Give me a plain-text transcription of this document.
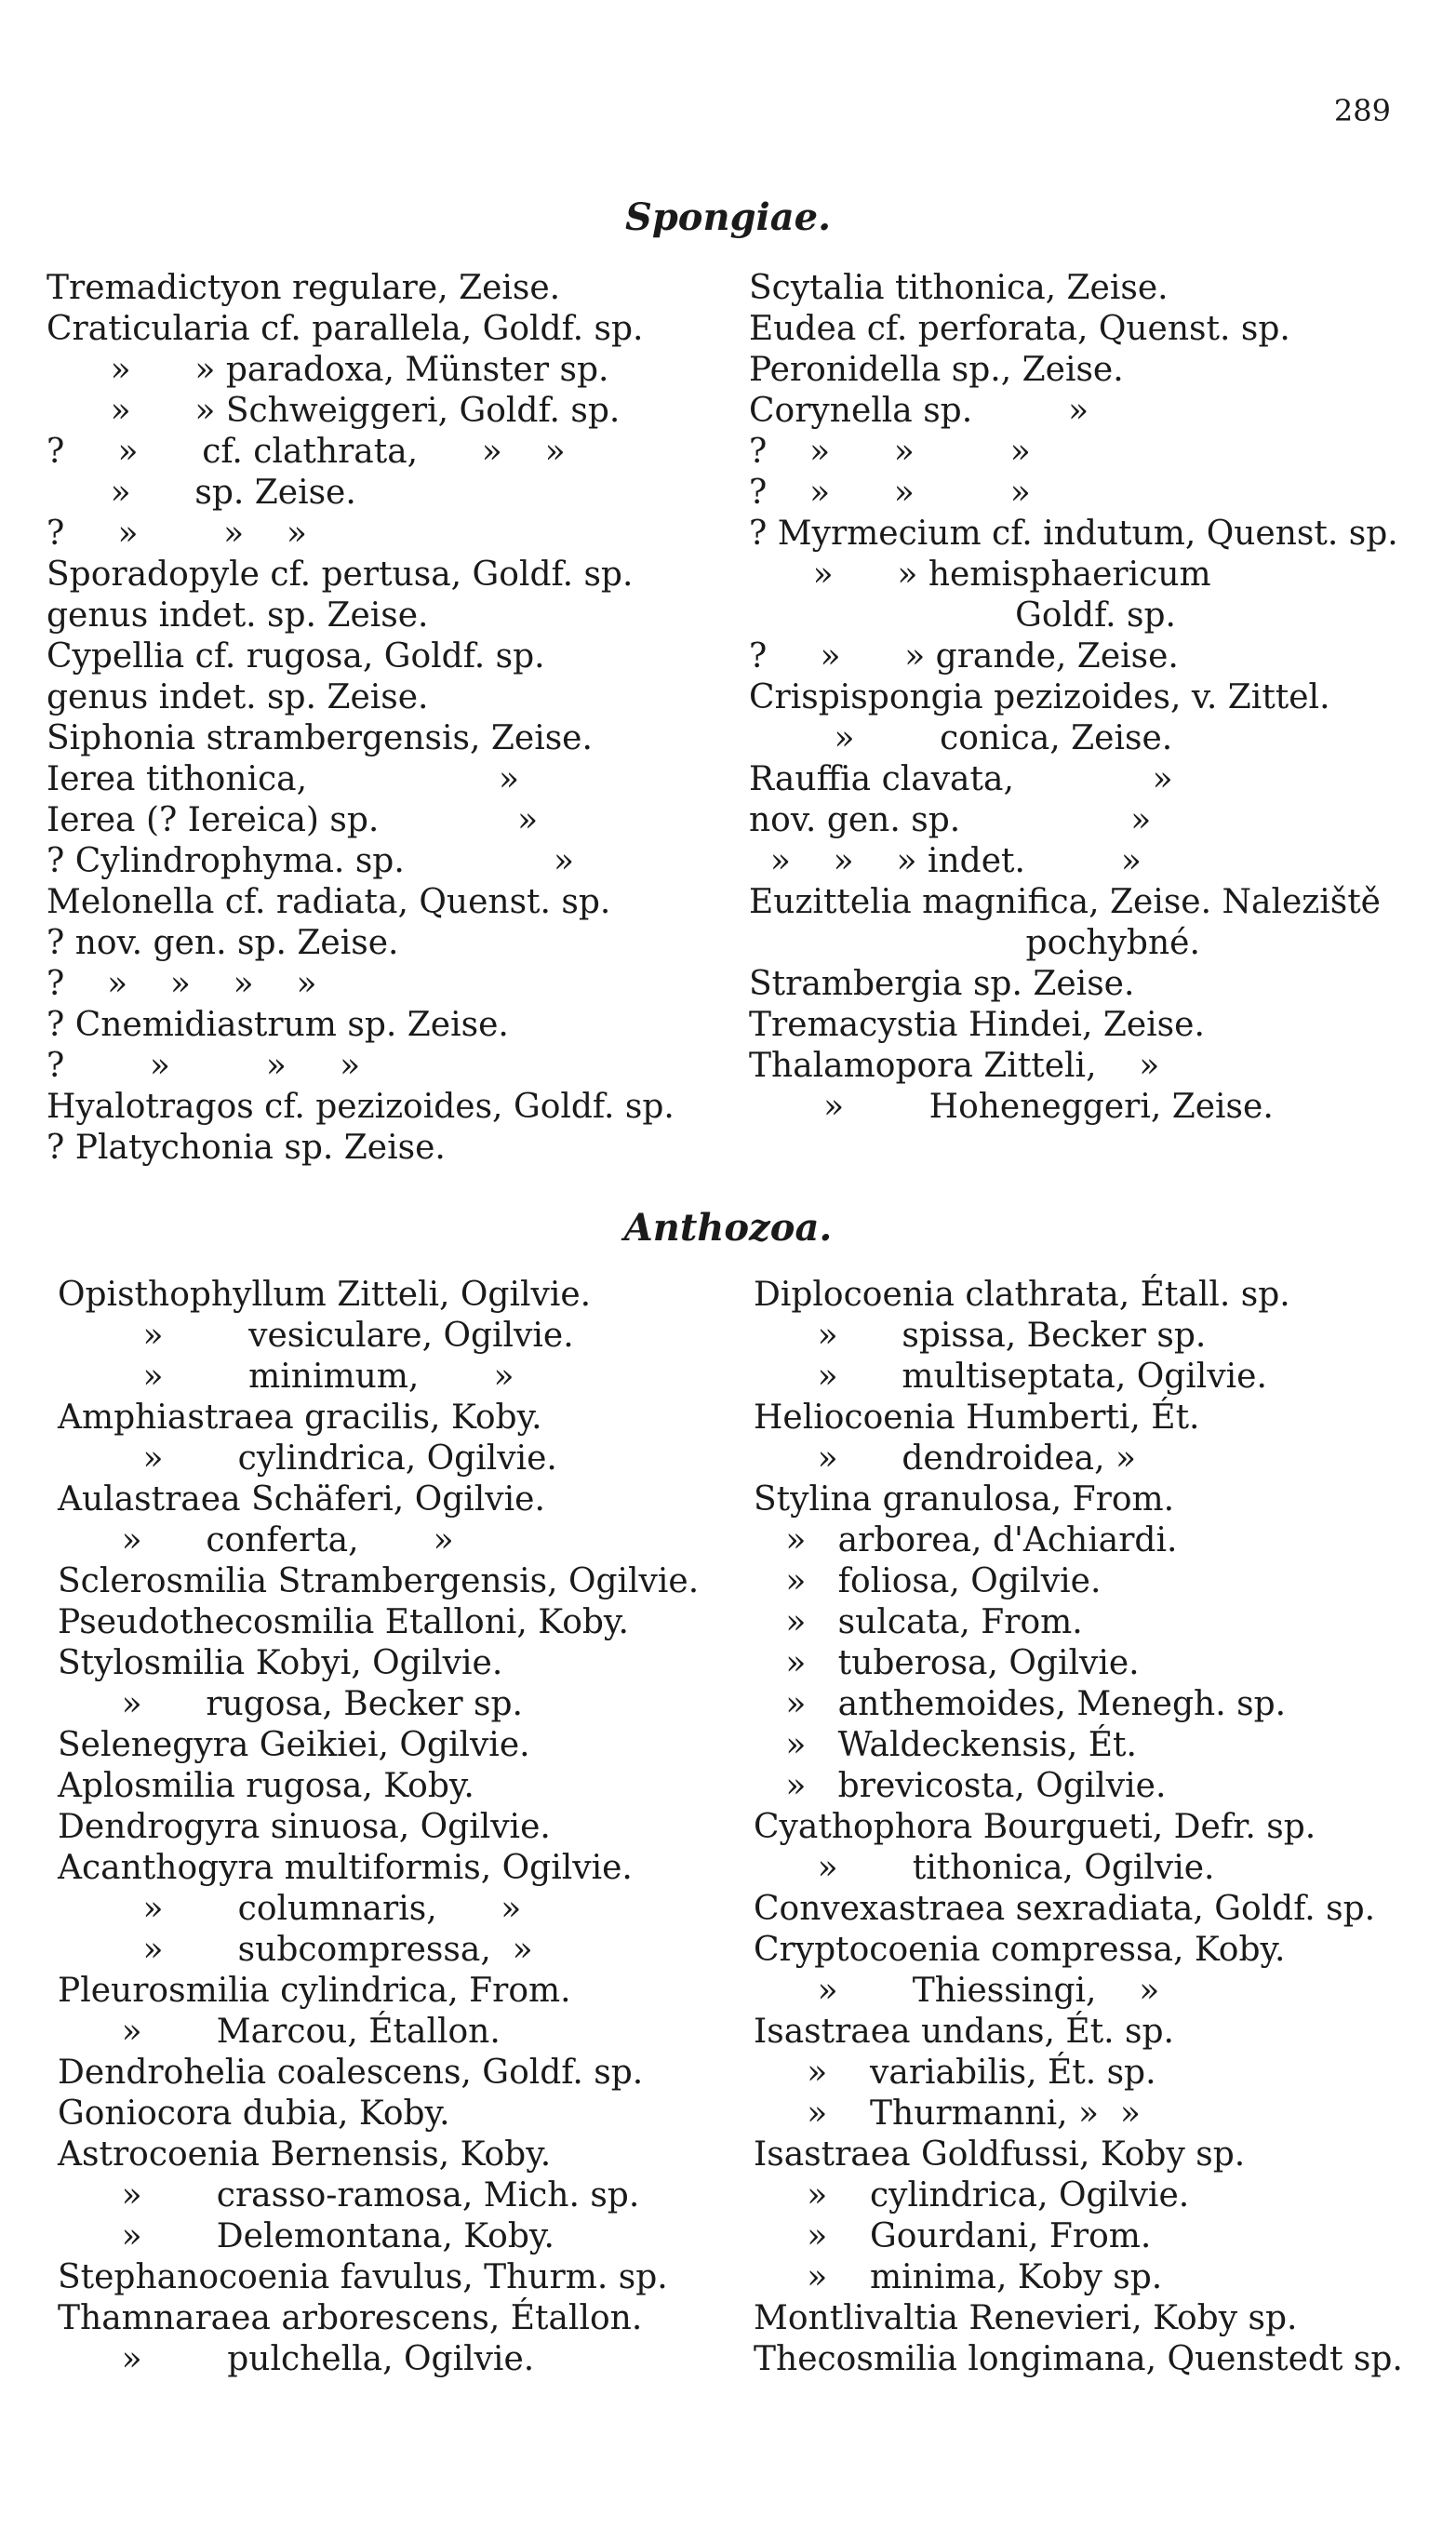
289
Spongiae.
Tremadictyon regulare, Zeise.
Craticularia cf. parallela, Goldf. sp.
»      » paradoxa, Münster sp.
»      » Schweiggeri, Goldf. sp.
?     »      cf. clathrata,      »    »
»      sp. Zeise.
?     »        »    »
Sporadopyle cf. pertusa, Goldf. sp.
genus indet. sp. Zeise.
Cypellia cf. rugosa, Goldf. sp.
genus indet. sp. Zeise.
Siphonia strambergensis, Zeise.
Ierea tithonica,                  »
Ierea (? Iereica) sp.             »
? Cylindrophyma. sp.              »
Melonella cf. radiata, Quenst. sp.
? nov. gen. sp. Zeise.
?    »    »    »    »
? Cnemidiastrum sp. Zeise.
?        »         »     »
Hyalotragos cf. pezizoides, Goldf. sp.
? Platychonia sp. Zeise.
Scytalia tithonica, Zeise.
Eudea cf. perforata, Quenst. sp.
Peronidella sp., Zeise.
Corynella sp.         »
?    »      »         »
?    »      »         »
? Myrmecium cf. indutum, Quenst. sp.
»      » hemisphaericum
Goldf. sp.
?     »      » grande, Zeise.
Crispispongia pezizoides, v. Zittel.
»        conica, Zeise.
Rauffia clavata,             »
nov. gen. sp.                »
»    »    » indet.         »
Euzittelia magnifica, Zeise. Naleziště
pochybné.
Strambergia sp. Zeise.
Tremacystia Hindei, Zeise.
Thalamopora Zitteli,    »
»        Hoheneggeri, Zeise.
Anthozoa.
Opisthophyllum Zitteli, Ogilvie.
»        vesiculare, Ogilvie.
»        minimum,       »
Amphiastraea gracilis, Koby.
»       cylindrica, Ogilvie.
Aulastraea Schäferi, Ogilvie.
»      conferta,       »
Sclerosmilia Strambergensis, Ogilvie.
Pseudothecosmilia Etalloni, Koby.
Stylosmilia Kobyi, Ogilvie.
»      rugosa, Becker sp.
Selenegyra Geikiei, Ogilvie.
Aplosmilia rugosa, Koby.
Dendrogyra sinuosa, Ogilvie.
Acanthogyra multiformis, Ogilvie.
»       columnaris,      »
»       subcompressa,  »
Pleurosmilia cylindrica, From.
»       Marcou, Étallon.
Dendrohelia coalescens, Goldf. sp.
Goniocora dubia, Koby.
Astrocoenia Bernensis, Koby.
»       crasso-ramosa, Mich. sp.
»       Delemontana, Koby.
Stephanocoenia favulus, Thurm. sp.
Thamnaraea arborescens, Étallon.
»        pulchella, Ogilvie.
Diplocoenia clathrata, Étall. sp.
»      spissa, Becker sp.
»      multiseptata, Ogilvie.
Heliocoenia Humberti, Ét.
»      dendroidea, »
Stylina granulosa, From.
»   arborea, d'Achiardi.
»   foliosa, Ogilvie.
»   sulcata, From.
»   tuberosa, Ogilvie.
»   anthemoides, Menegh. sp.
»   Waldeckensis, Ét.
»   brevicosta, Ogilvie.
Cyathophora Bourgueti, Defr. sp.
»       tithonica, Ogilvie.
Convexastraea sexradiata, Goldf. sp.
Cryptocoenia compressa, Koby.
»       Thiessingi,    »
Isastraea undans, Ét. sp.
»    variabilis, Ét. sp.
»    Thurmanni, »  »
Isastraea Goldfussi, Koby sp.
»    cylindrica, Ogilvie.
»    Gourdani, From.
»    minima, Koby sp.
Montlivaltia Renevieri, Koby sp.
Thecosmilia longimana, Quenstedt sp.
